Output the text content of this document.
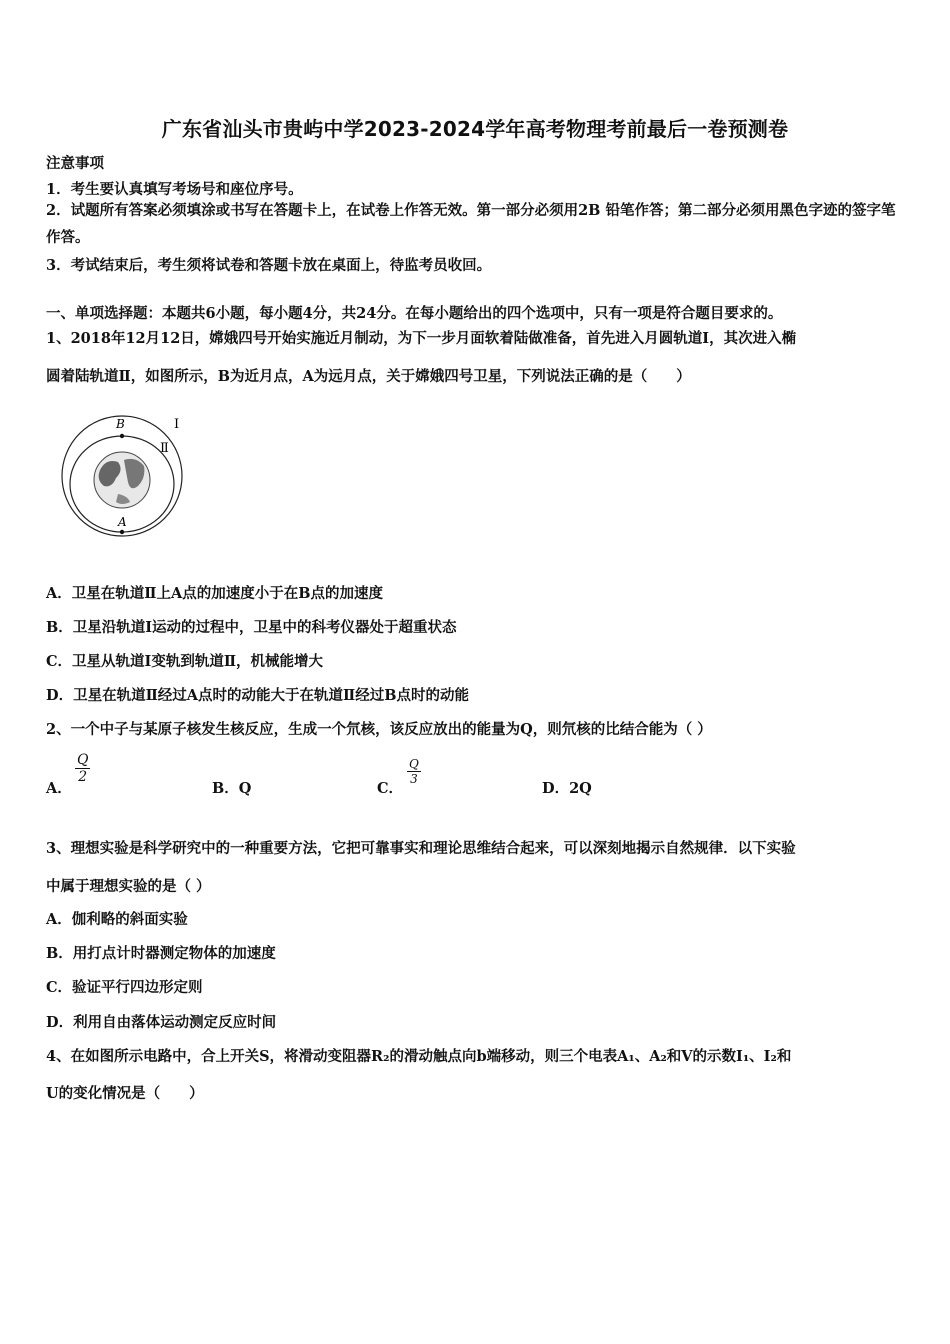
广东省汕头市贵屿中学2023-2024学年高考物理考前最后一卷预测卷
注意事项
1．考生要认真填写考场号和座位序号。
2．试题所有答案必须填涂或书写在答题卡上，在试卷上作答无效。第一部分必须用2B 铅笔作答；第二部分必须用黑色字迹的签字笔作答。
3．考试结束后，考生须将试卷和答题卡放在桌面上，待监考员收回。
一、单项选择题：本题共6小题，每小题4分，共24分。在每小题给出的四个选项中，只有一项是符合题目要求的。
1、2018年12月12日，嫦娥四号开始实施近月制动，为下一步月面软着陆做准备，首先进入月圆轨道Ⅰ，其次进入椭
圆着陆轨道Ⅱ，如图所示，B为近月点，A为远月点，关于嫦娥四号卫星，下列说法正确的是（　　）
B
A
Ⅰ
Ⅱ
A．卫星在轨道Ⅱ上A点的加速度小于在B点的加速度
B．卫星沿轨道Ⅰ运动的过程中，卫星中的科考仪器处于超重状态
C．卫星从轨道Ⅰ变轨到轨道Ⅱ，机械能增大
D．卫星在轨道Ⅱ经过A点时的动能大于在轨道Ⅱ经过B点时的动能
2、一个中子与某原子核发生核反应，生成一个氘核，该反应放出的能量为Q，则氘核的比结合能为（ ）
A．
$\frac{Q}{2}$
B．Q	C．
$\frac{Q}{3}$
D．2Q
3、理想实验是科学研究中的一种重要方法，它把可靠事实和理论思维结合起来，可以深刻地揭示自然规律．以下实验
中属于理想实验的是（ ）
A．伽利略的斜面实验
B．用打点计时器测定物体的加速度
C．验证平行四边形定则
D．利用自由落体运动测定反应时间
4、在如图所示电路中，合上开关S，将滑动变阻器R₂的滑动触点向b端移动，则三个电表A₁、A₂和V的示数I₁、I₂和
U的变化情况是（　　）
